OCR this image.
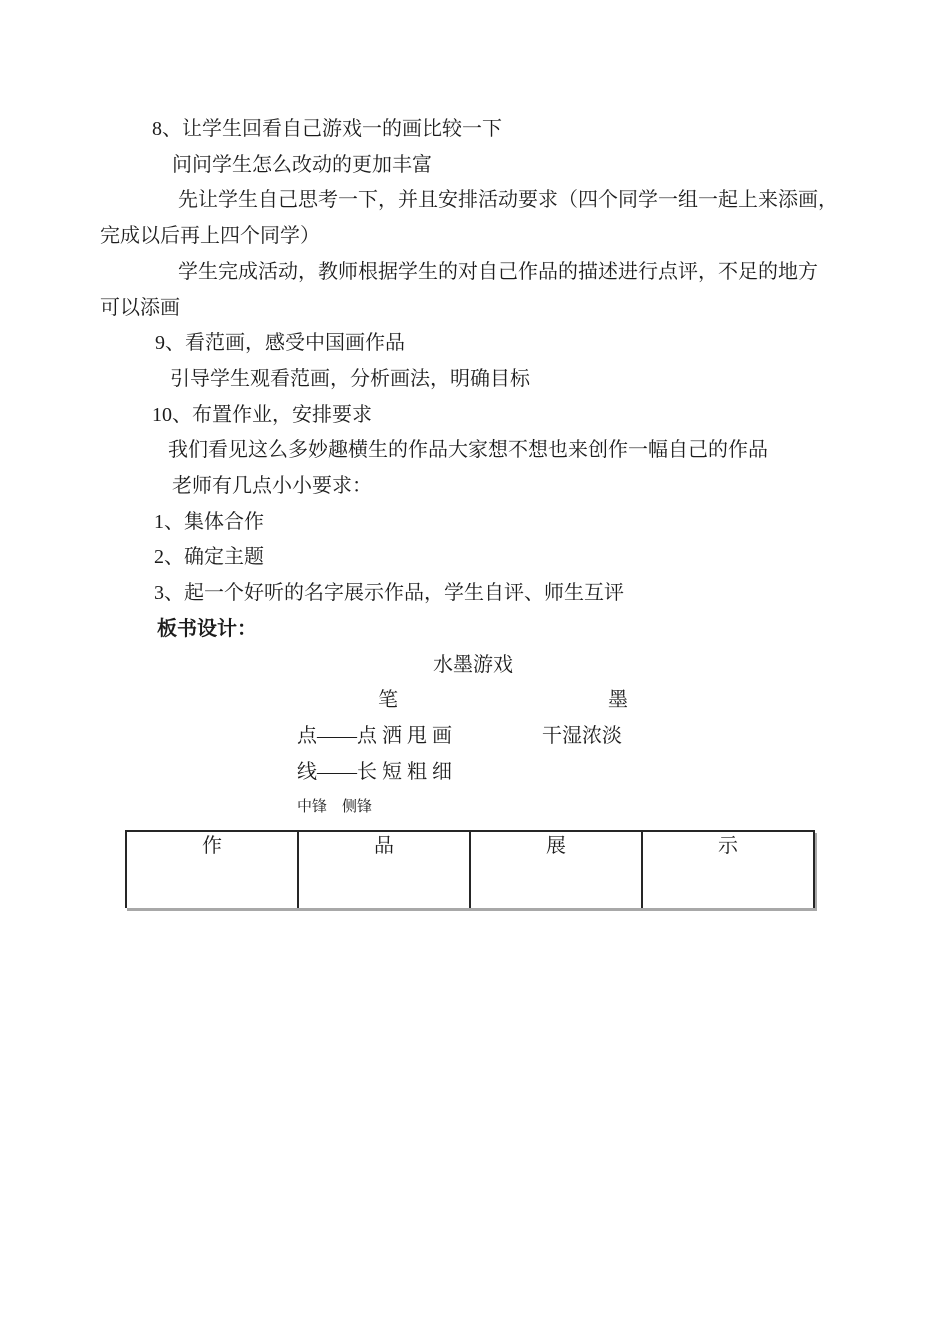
8、让学生回看自己游戏一的画比较一下

问问学生怎么改动的更加丰富

先让学生自己思考一下，并且安排活动要求（四个同学一组一起上来添画，

完成以后再上四个同学）

学生完成活动，教师根据学生的对自己作品的描述进行点评，不足的地方

可以添画

9、看范画，感受中国画作品

引导学生观看范画，分析画法，明确目标

10、布置作业，安排要求

我们看见这么多妙趣横生的作品大家想不想也来创作一幅自己的作品

老师有几点小小要求：

1、集体合作

2、确定主题

3、起一个好听的名字展示作品，学生自评、师生互评

板书设计：

水墨游戏

笔	墨

点——点 洒 甩 画	干湿浓淡

线——长 短 粗 细

中锋　侧锋

作	品	展	示
